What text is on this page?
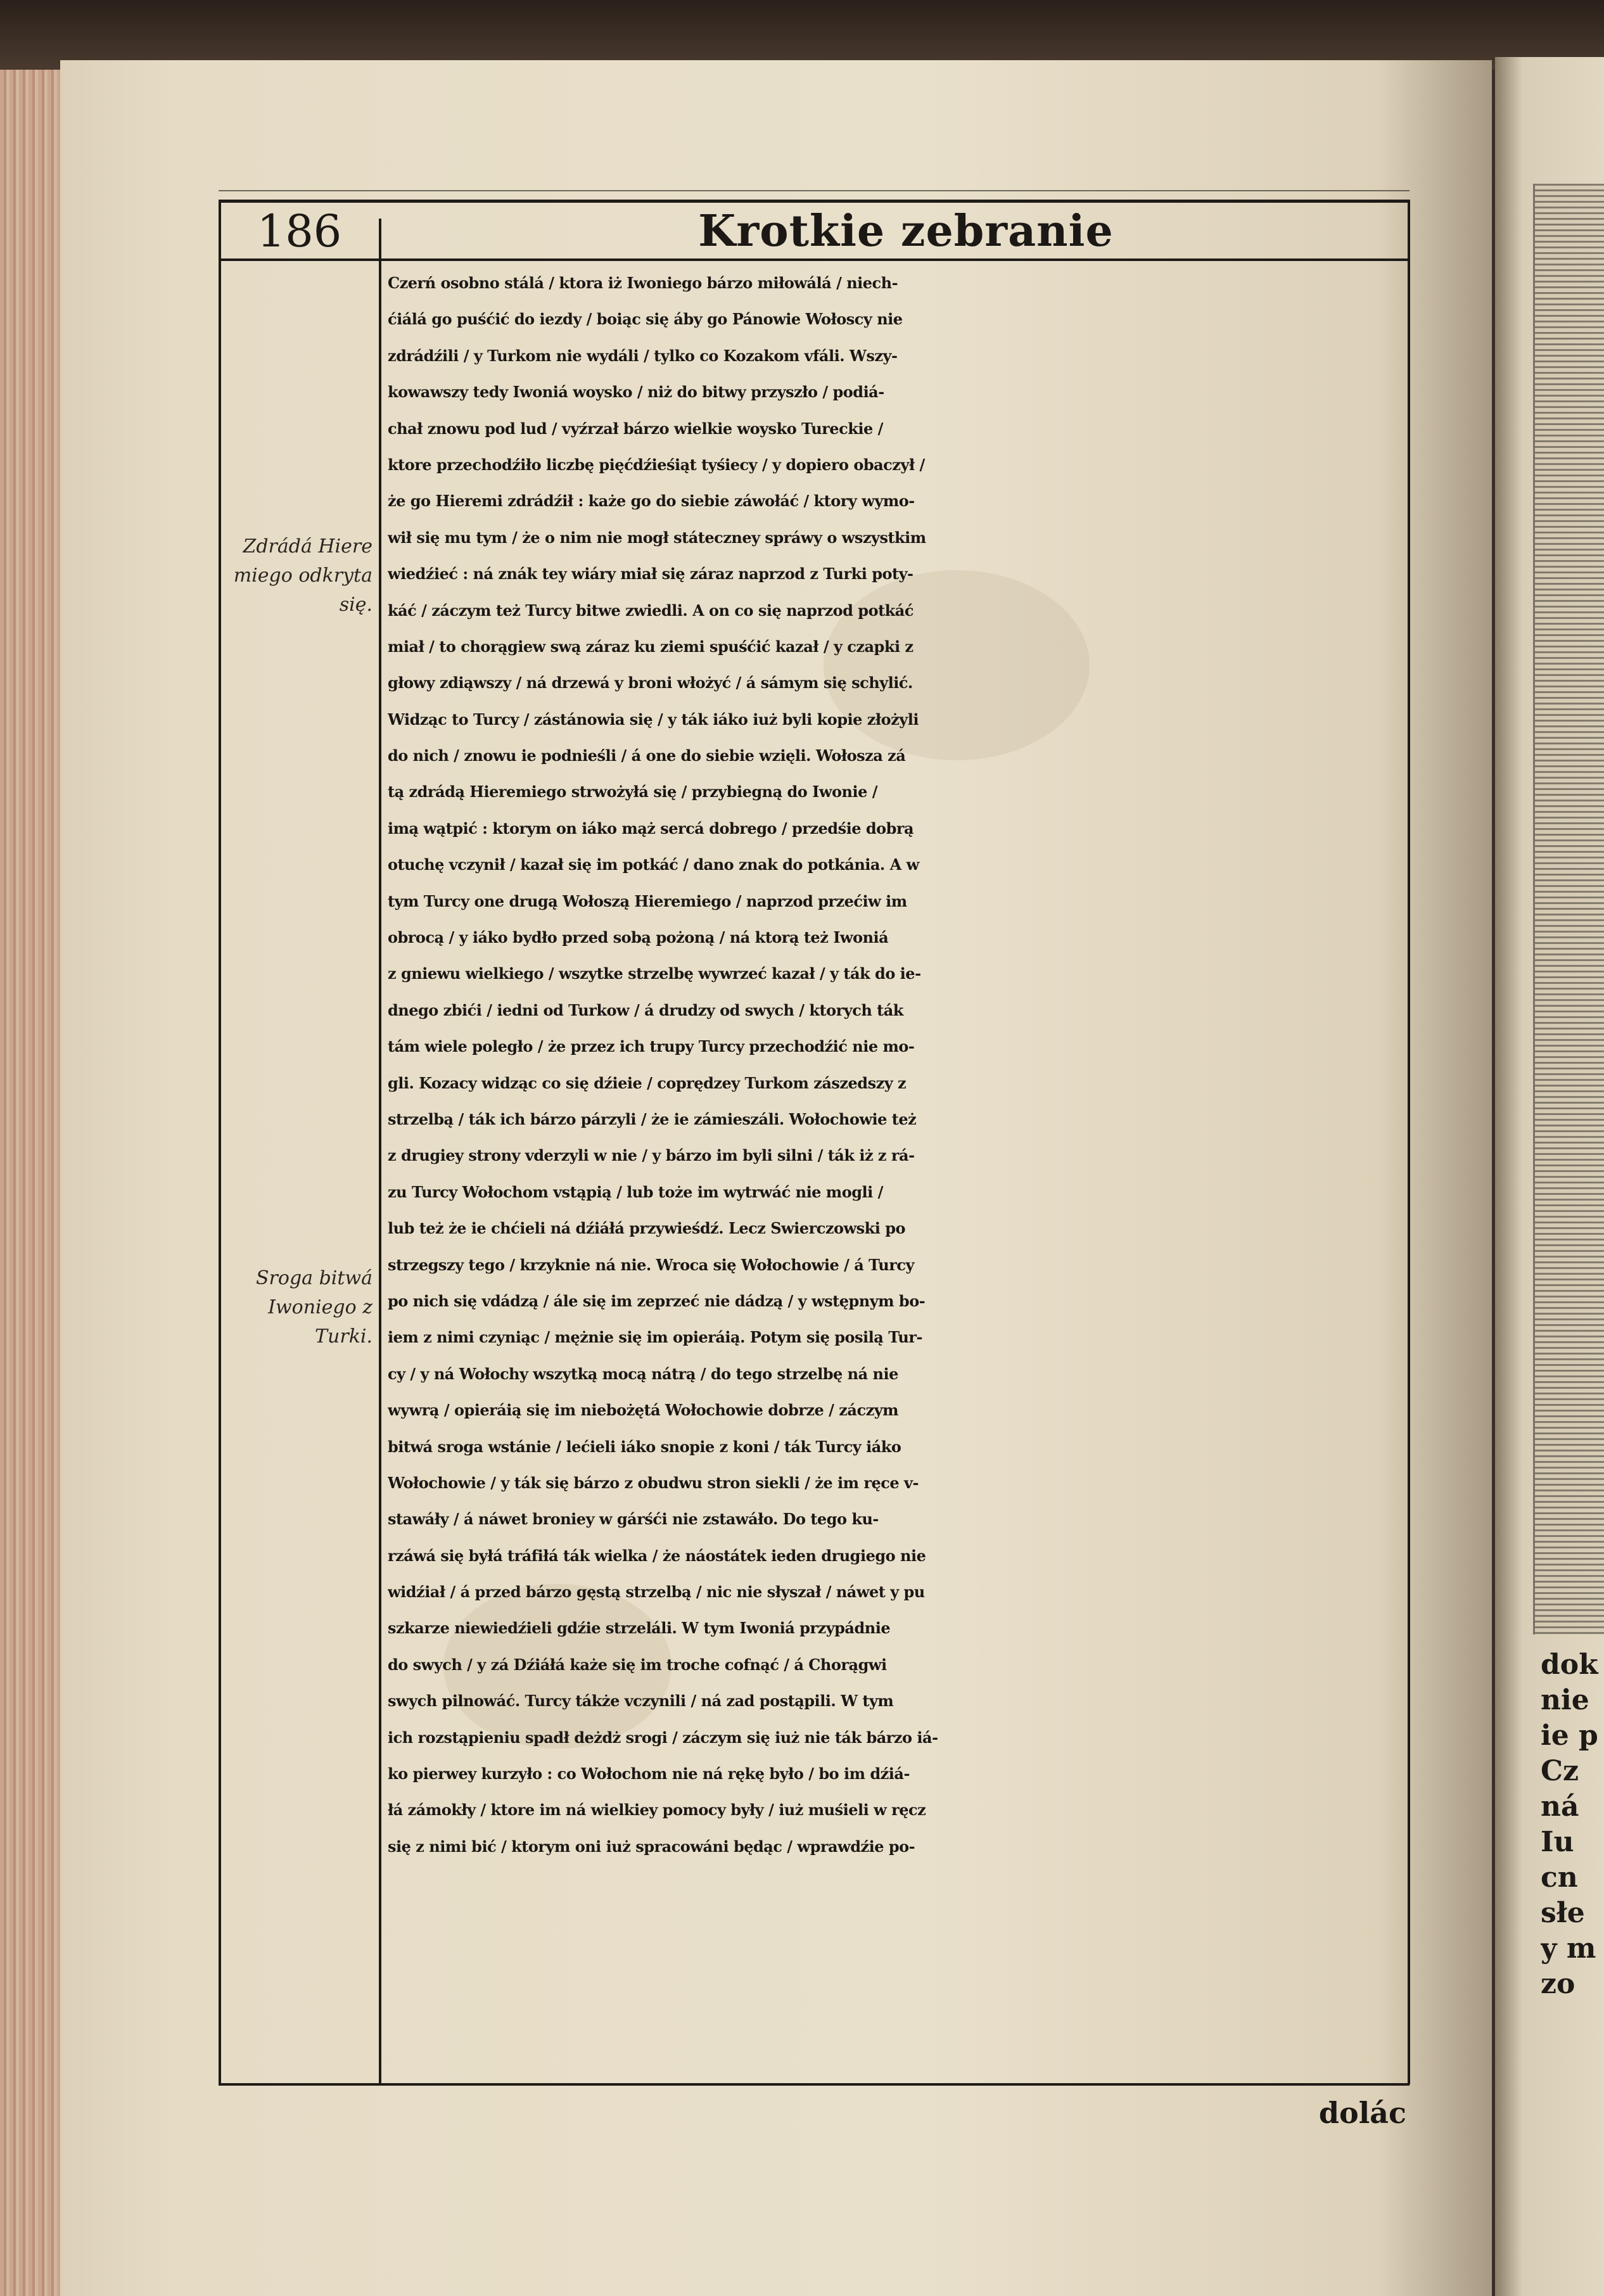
dok
nie
ie p
Cz
ná
Iu
cn
słe
y m
zo
186	Krotkie zebranie
Zdrádá Hiere
miego odkryta
się.
Sroga bitwá
Iwoniego z
Turki.
Czerń osobno stálá / ktora iż Iwoniego bárzo miłowálá / niech-
ćiálá go puśćić do iezdy / boiąc się áby go Pánowie Wołoscy nie
zdrádźili / y Turkom nie wydáli / tylko co Kozakom vfáli. Wszy-
kowawszy tedy Iwoniá woysko / niż do bitwy przyszło / podiá-
chał znowu pod lud / vyźrzał bárzo wielkie woysko Tureckie /
ktore przechodźiło liczbę pięćdźieśiąt tyśiecy / y dopiero obaczył /
że go Hieremi zdrádźił : każe go do siebie záwołáć / ktory wymo-
wił się mu tym / że o nim nie mogł státeczney spráwy o wszystkim
wiedźieć : ná znák tey wiáry miał się záraz naprzod z Turki poty-
káć / záczym też Turcy bitwe zwiedli. A on co się naprzod potkáć
miał / to chorągiew swą záraz ku ziemi spuśćić kazał / y czapki z
głowy zdiąwszy / ná drzewá y broni włożyć / á sámym się schylić.
Widząc to Turcy / zástánowia się / y ták iáko iuż byli kopie złożyli
do nich / znowu ie podnieśli / á one do siebie wzięli. Wołosza zá
tą zdrádą Hieremiego strwożyłá się / przybiegną do Iwonie /
imą wątpić : ktorym on iáko mąż sercá dobrego / przedśie dobrą
otuchę vczynił / kazał się im potkáć / dano znak do potkánia. A w
tym Turcy one drugą Wołoszą Hieremiego / naprzod przećiw im
obrocą / y iáko bydło przed sobą pożoną / ná ktorą też Iwoniá
z gniewu wielkiego / wszytke strzelbę wywrzeć kazał / y ták do ie-
dnego zbići / iedni od Turkow / á drudzy od swych / ktorych ták
tám wiele poległo / że przez ich trupy Turcy przechodźić nie mo-
gli. Kozacy widząc co się dźieie / coprędzey Turkom zászedszy z
strzelbą / ták ich bárzo párzyli / że ie zámieszáli. Wołochowie też
z drugiey strony vderzyli w nie / y bárzo im byli silni / ták iż z rá-
zu Turcy Wołochom vstąpią / lub tożе im wytrwáć nie mogli /
lub też że ie chćieli ná dźiáłá przywieśdź. Lecz Swierczowski po
strzegszy tego / krzyknie ná nie. Wroca się Wołochowie / á Turcy
po nich się vdádzą / ále się im zeprzeć nie dádzą / y wstępnym bo-
iem z nimi czyniąc / mężnie się im opieráią. Potym się posilą Tur-
cy / y ná Wołochy wszytką mocą nátrą / do tego strzelbę ná nie
wywrą / opieráią się im niebożętá Wołochowie dobrze / záczym
bitwá sroga wstánie / lećieli iáko snopie z koni / ták Turcy iáko
Wołochowie / y ták się bárzo z obudwu stron siekli / że im ręce v-
stawáły / á náwet broniey w gárśći nie zstawáło. Do tego ku-
rzáwá się byłá tráfiłá ták wielka / że náostátek ieden drugiego nie
widźiał / á przed bárzo gęstą strzelbą / nic nie słyszał / náwet y pu
szkarze niewiedźieli gdźie strzeláli. W tym Iwoniá przypádnie
do swych / y zá Dźiáłá każe się im troche cofnąć / á Chorągwi
swych pilnowáć. Turcy tákże vczynili / ná zad postąpili. W tym
ich rozstąpieniu spadł deżdż srogi / záczym się iuż nie ták bárzo iá-
ko pierwey kurzyło : co Wołochom nie ná rękę było / bo im dźiá-
łá zámokły / ktore im ná wielkiey pomocy były / iuż muśieli w ręcz
się z nimi bić / ktorym oni iuż spracowáni będąc / wprawdźie po-
dolác
